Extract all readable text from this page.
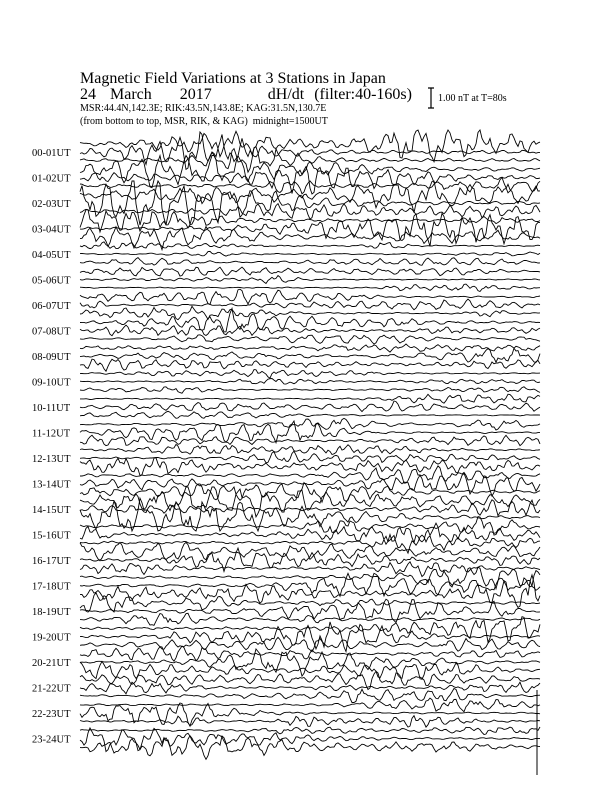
Magnetic Field Variations at 3 Stations in Japan
24 March 2017	dH/dt (filter:40-160s)
MSR:44.4N,142.3E; RIK:43.5N,143.8E; KAG:31.5N,130.7E
(from bottom to top, MSR, RIK, & KAG) midnight=1500UT
1.00 nT at T=80s
00-01UT
01-02UT
02-03UT
03-04UT
04-05UT
05-06UT
06-07UT
07-08UT
08-09UT
09-10UT
10-11UT
11-12UT
12-13UT
13-14UT
14-15UT
15-16UT
16-17UT
17-18UT
18-19UT
19-20UT
20-21UT
21-22UT
22-23UT
23-24UT
